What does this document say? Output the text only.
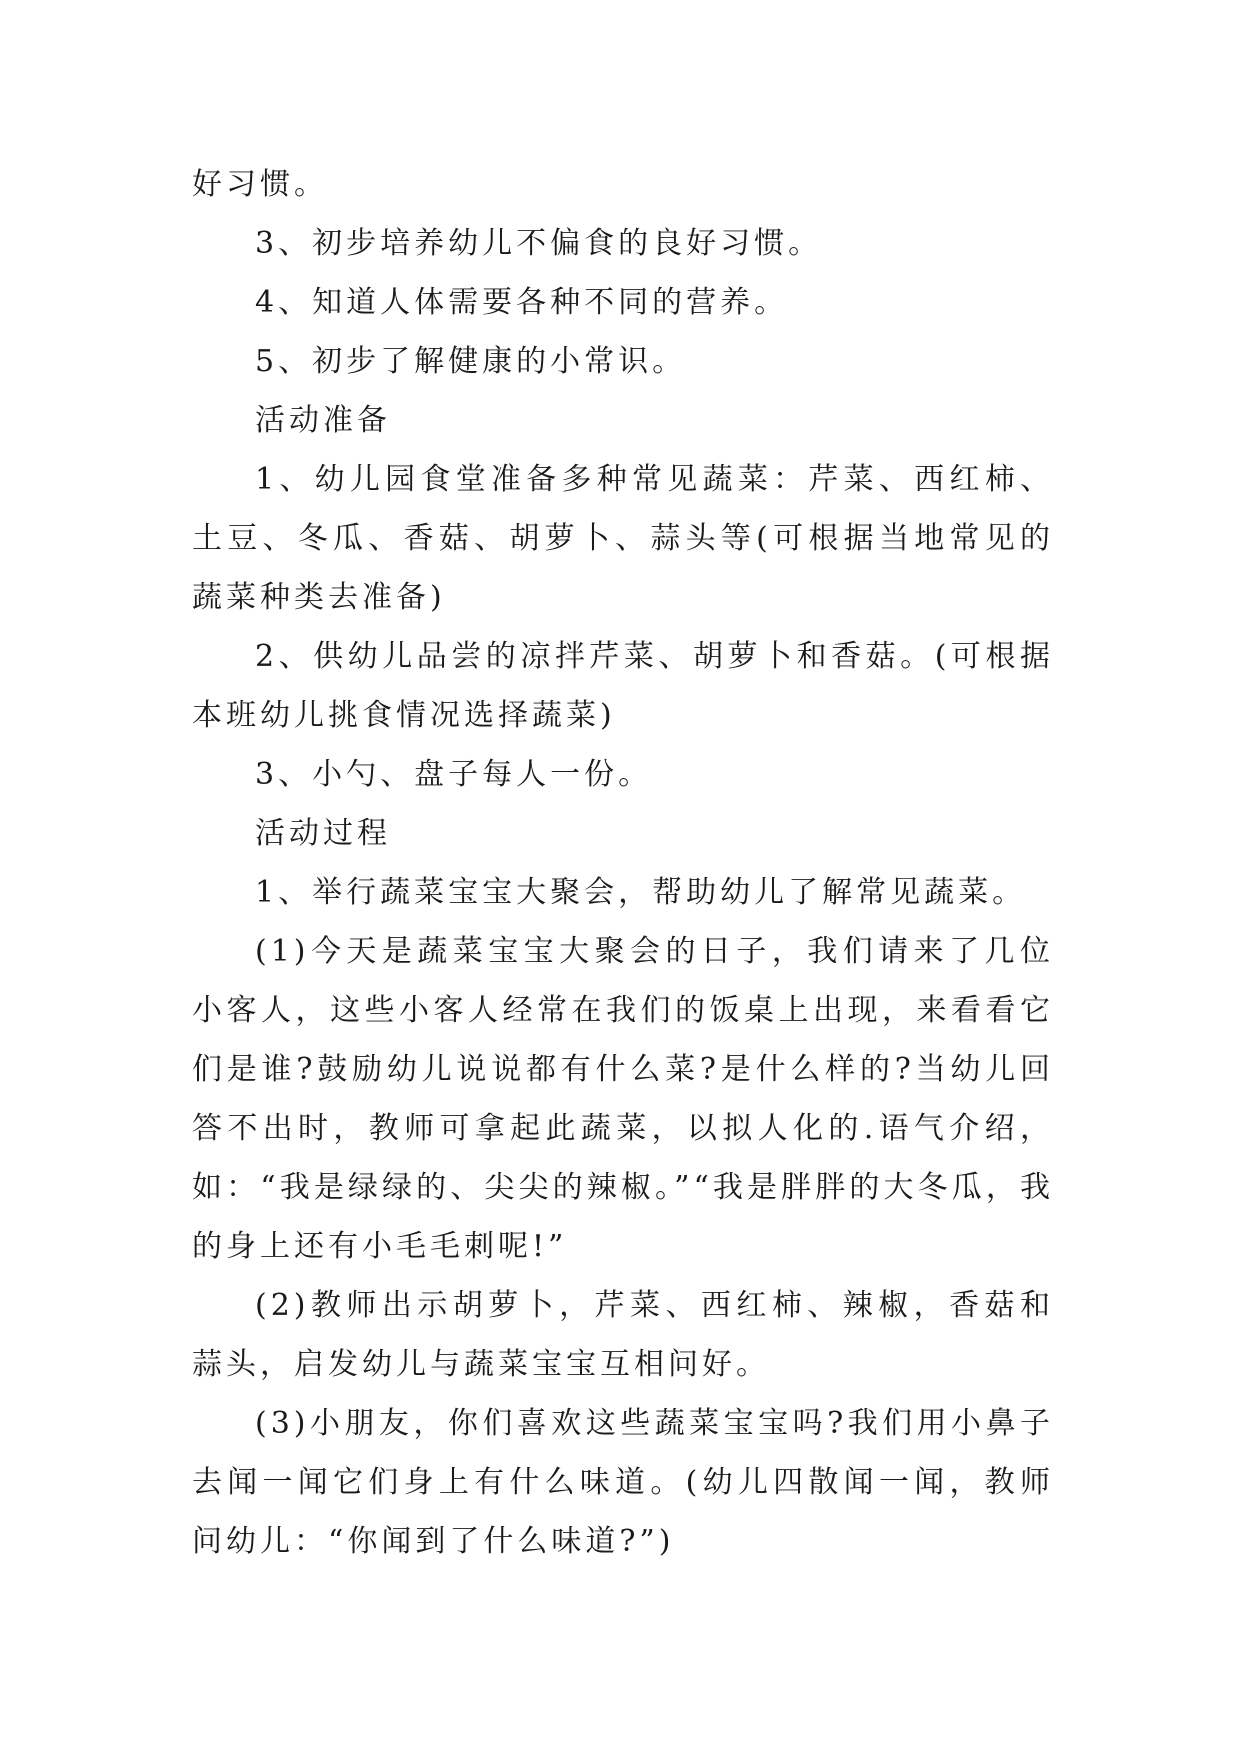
好习惯。

3、初步培养幼儿不偏食的良好习惯。

4、知道人体需要各种不同的营养。

5、初步了解健康的小常识。

活动准备

1、幼儿园食堂准备多种常见蔬菜：芹菜、西红柿、土豆、冬瓜、香菇、胡萝卜、蒜头等(可根据当地常见的蔬菜种类去准备)

2、供幼儿品尝的凉拌芹菜、胡萝卜和香菇。(可根据本班幼儿挑食情况选择蔬菜)

3、小勺、盘子每人一份。

活动过程

1、举行蔬菜宝宝大聚会，帮助幼儿了解常见蔬菜。

(1)今天是蔬菜宝宝大聚会的日子，我们请来了几位小客人，这些小客人经常在我们的饭桌上出现，来看看它们是谁?鼓励幼儿说说都有什么菜?是什么样的?当幼儿回答不出时，教师可拿起此蔬菜，以拟人化的.语气介绍，如：“我是绿绿的、尖尖的辣椒。”“我是胖胖的大冬瓜，我的身上还有小毛毛刺呢!”

(2)教师出示胡萝卜，芹菜、西红柿、辣椒，香菇和蒜头，启发幼儿与蔬菜宝宝互相问好。

(3)小朋友，你们喜欢这些蔬菜宝宝吗?我们用小鼻子去闻一闻它们身上有什么味道。(幼儿四散闻一闻，教师问幼儿：“你闻到了什么味道?”)
